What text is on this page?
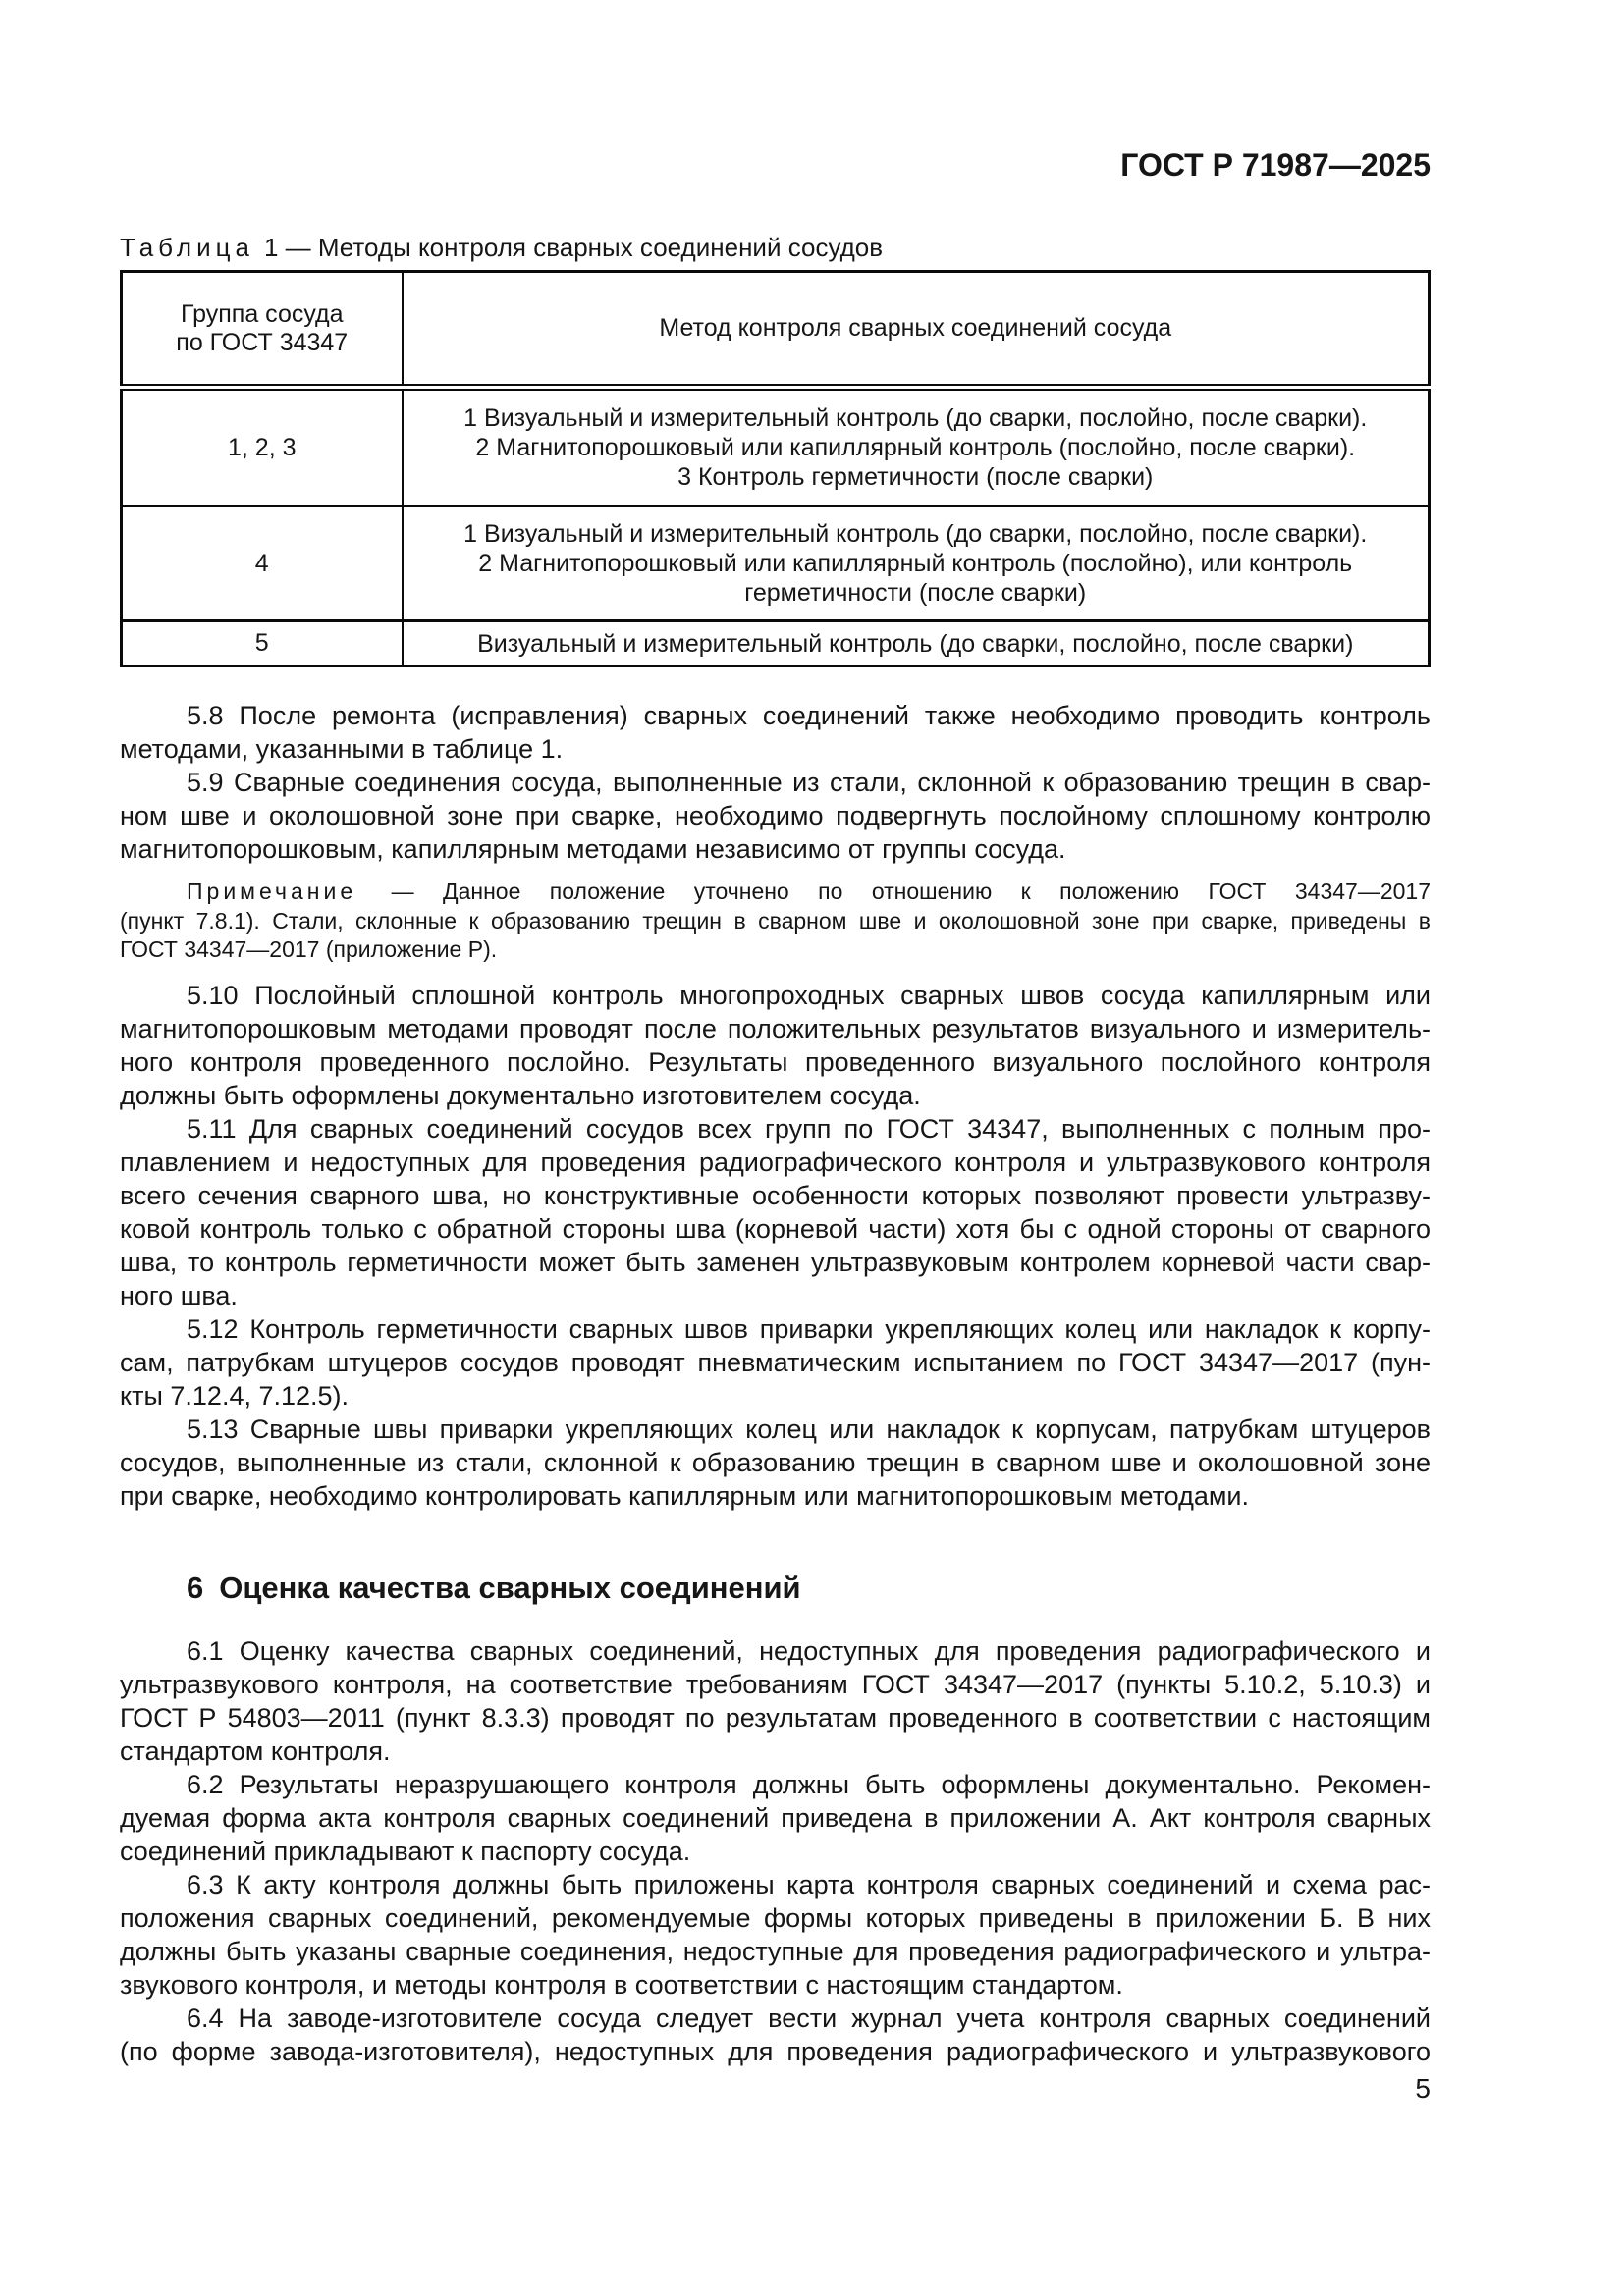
ГОСТ Р 71987—2025
Таблица 1 — Методы контроля сварных соединений сосудов
Группа сосуда
по ГОСТ 34347	Метод контроля сварных соединений сосуда
1, 2, 3	1 Визуальный и измерительный контроль (до сварки, послойно, после сварки).
2 Магнитопорошковый или капиллярный контроль (послойно, после сварки).
3 Контроль герметичности (после сварки)

4	1 Визуальный и измерительный контроль (до сварки, послойно, после сварки).
2 Магнитопорошковый или капиллярный контроль (послойно), или контроль
герметичности (после сварки)

5	Визуальный и измерительный контроль (до сварки, послойно, после сварки)
5.8 После ремонта (исправления) сварных соединений также необходимо проводить контроль
методами, указанными в таблице 1.
5.9 Сварные соединения сосуда, выполненные из стали, склонной к образованию трещин в свар-
ном шве и околошовной зоне при сварке, необходимо подвергнуть послойному сплошному контролю
магнитопорошковым, капиллярным методами независимо от группы сосуда.
Примечание — Данное положение уточнено по отношению к положению ГОСТ 34347—2017
(пункт 7.8.1). Стали, склонные к образованию трещин в сварном шве и околошовной зоне при сварке, приведены в
ГОСТ 34347—2017 (приложение Р).
5.10 Послойный сплошной контроль многопроходных сварных швов сосуда капиллярным или
магнитопорошковым методами проводят после положительных результатов визуального и измеритель-
ного контроля проведенного послойно. Результаты проведенного визуального послойного контроля
должны быть оформлены документально изготовителем сосуда.
5.11 Для сварных соединений сосудов всех групп по ГОСТ 34347, выполненных с полным про-
плавлением и недоступных для проведения радиографического контроля и ультразвукового контроля
всего сечения сварного шва, но конструктивные особенности которых позволяют провести ультразву-
ковой контроль только с обратной стороны шва (корневой части) хотя бы с одной стороны от сварного
шва, то контроль герметичности может быть заменен ультразвуковым контролем корневой части свар-
ного шва.
5.12 Контроль герметичности сварных швов приварки укрепляющих колец или накладок к корпу-
сам, патрубкам штуцеров сосудов проводят пневматическим испытанием по ГОСТ 34347—2017 (пун-
кты 7.12.4, 7.12.5).
5.13 Сварные швы приварки укрепляющих колец или накладок к корпусам, патрубкам штуцеров
сосудов, выполненные из стали, склонной к образованию трещин в сварном шве и околошовной зоне
при сварке, необходимо контролировать капиллярным или магнитопорошковым методами.
6 Оценка качества сварных соединений
6.1 Оценку качества сварных соединений, недоступных для проведения радиографического и
ультразвукового контроля, на соответствие требованиям ГОСТ 34347—2017 (пункты 5.10.2, 5.10.3) и
ГОСТ Р 54803—2011 (пункт 8.3.3) проводят по результатам проведенного в соответствии с настоящим
стандартом контроля.
6.2 Результаты неразрушающего контроля должны быть оформлены документально. Рекомен-
дуемая форма акта контроля сварных соединений приведена в приложении А. Акт контроля сварных
соединений прикладывают к паспорту сосуда.
6.3 К акту контроля должны быть приложены карта контроля сварных соединений и схема рас-
положения сварных соединений, рекомендуемые формы которых приведены в приложении Б. В них
должны быть указаны сварные соединения, недоступные для проведения радиографического и ультра-
звукового контроля, и методы контроля в соответствии с настоящим стандартом.
6.4 На заводе-изготовителе сосуда следует вести журнал учета контроля сварных соединений
(по форме завода-изготовителя), недоступных для проведения радиографического и ультразвукового
5
